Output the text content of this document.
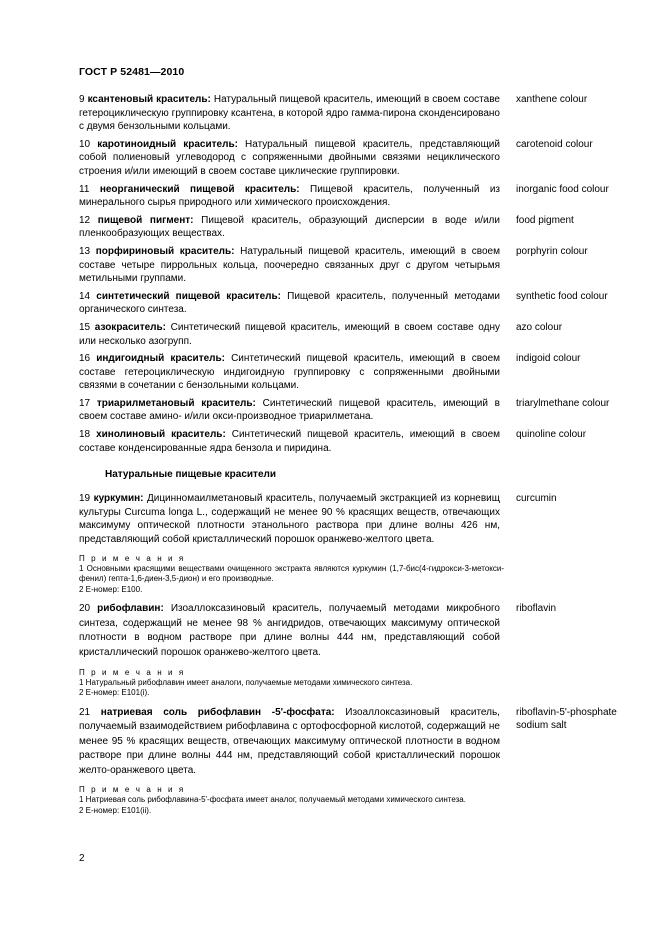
ГОСТ Р 52481—2010
9 ксантеновый краситель: Натуральный пищевой краситель, имеющий в своем составе гетероциклическую группировку ксантена, в которой ядро гамма-пирона сконденсировано с двумя бензольными кольцами.
xanthene colour
10 каротиноидный краситель: Натуральный пищевой краситель, представляющий собой полиеновый углеводород с сопряженными двойными связями нециклического строения и/или имеющий в своем составе циклические группировки.
carotenoid colour
11 неорганический пищевой краситель: Пищевой краситель, полученный из минерального сырья природного или химического происхождения.
inorganic food colour
12 пищевой пигмент: Пищевой краситель, образующий дисперсии в воде и/или пленкообразующих веществах.
food pigment
13 порфириновый краситель: Натуральный пищевой краситель, имеющий в своем составе четыре пиррольных кольца, поочередно связанных друг с другом четырьмя метильными группами.
porphyrin colour
14 синтетический пищевой краситель: Пищевой краситель, полученный методами органического синтеза.
synthetic food colour
15 азокраситель: Синтетический пищевой краситель, имеющий в своем составе одну или несколько азогрупп.
azo colour
16 индигоидный краситель: Синтетический пищевой краситель, имеющий в своем составе гетероциклическую индигоидную группировку с сопряженными двойными связями в сочетании с бензольными кольцами.
indigoid colour
17 триарилметановый краситель: Синтетический пищевой краситель, имеющий в своем составе амино- и/или окси-производное триарилметана.
triarylmethane colour
18 хинолиновый краситель: Синтетический пищевой краситель, имеющий в своем составе конденсированные ядра бензола и пиридина.
quinoline colour
Натуральные пищевые красители
19 куркумин: Дицинномаилметановый краситель, получаемый экстракцией из корневищ культуры Curcuma longa L., содержащий не менее 90 % красящих веществ, отвечающих максимуму оптической плотности этанольного раствора при длине волны 426 нм, представляющий собой кристаллический порошок оранжево-желтого цвета.
curcumin
П р и м е ч а н и я
1 Основными красящими веществами очищенного экстракта являются куркумин (1,7-бис(4-гидрокси-3-метокси-фенил) гепта-1,6-диен-3,5-дион) и его производные.
2 Е-номер: Е100.
20 рибофлавин: Изоаллоксазиновый краситель, получаемый методами микробного синтеза, содержащий не менее 98 % ангидридов, отвечающих максимуму оптической плотности в водном растворе при длине волны 444 нм, представляющий собой кристаллический порошок оранжево-желтого цвета.
riboflavin
П р и м е ч а н и я
1 Натуральный рибофлавин имеет аналоги, получаемые методами химического синтеза.
2 Е-номер: Е101(i).
21 натриевая соль рибофлавин -5'-фосфата: Изоаллоксазиновый краситель, получаемый взаимодействием рибофлавина с ортофосфорной кислотой, содержащий не менее 95 % красящих веществ, отвечающих максимуму оптической плотности в водном растворе при длине волны 444 нм, представляющий собой кристаллический порошок желто-оранжевого цвета.
riboflavin-5'-phosphate sodium salt
П р и м е ч а н и я
1 Натриевая соль рибофлавина-5'-фосфата имеет аналог, получаемый методами химического синтеза.
2 Е-номер: Е101(ii).
2
